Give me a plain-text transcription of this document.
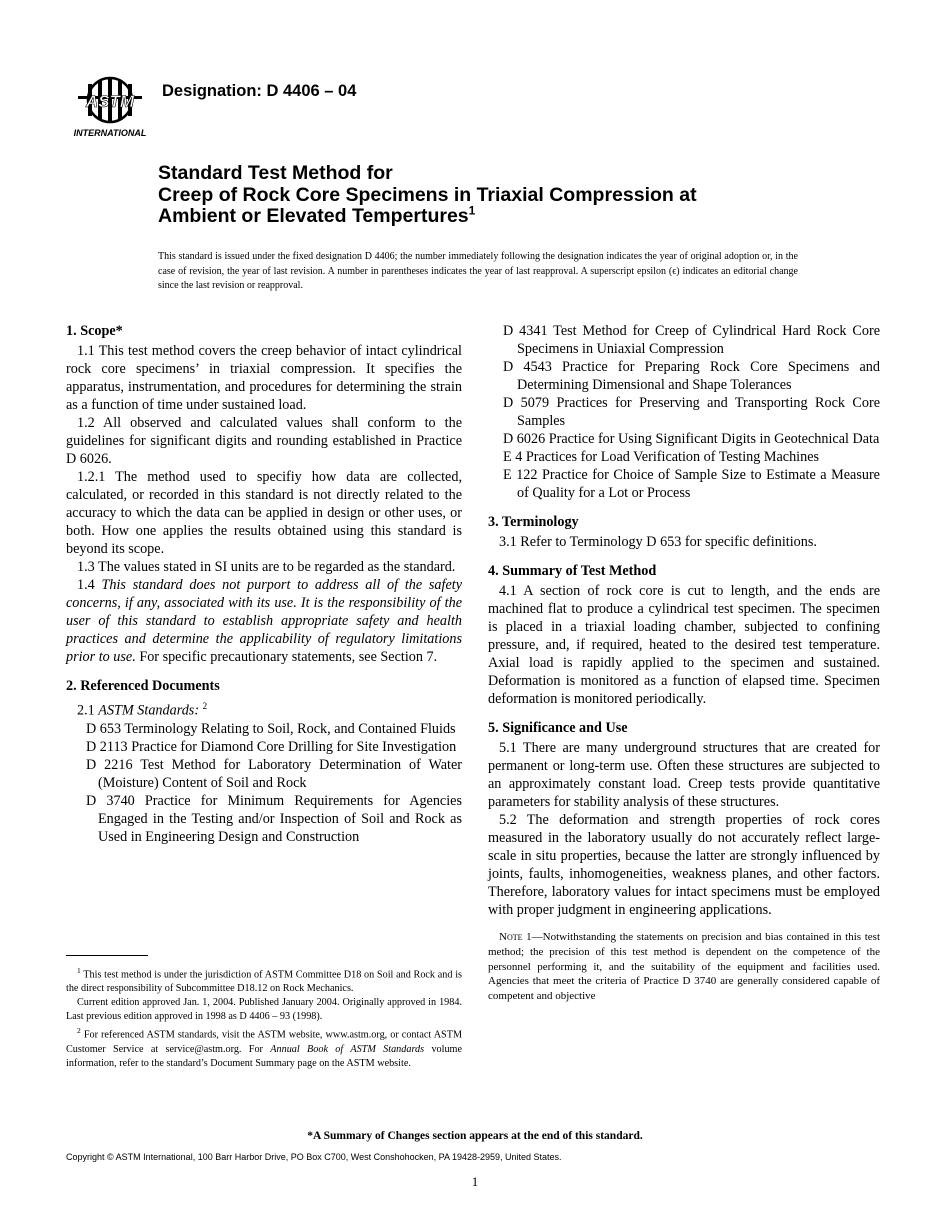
ASTM
INTERNATIONAL
Designation: D 4406 – 04
Standard Test Method for
Creep of Rock Core Specimens in Triaxial Compression at
Ambient or Elevated Tempertures$^1$
This standard is issued under the fixed designation D 4406; the number immediately following the designation indicates the year of original adoption or, in the case of revision, the year of last revision. A number in parentheses indicates the year of last reapproval. A superscript epsilon (ϵ) indicates an editorial change since the last revision or reapproval.

1. Scope*

1.1 This test method covers the creep behavior of intact cylindrical rock core specimens’ in triaxial compression. It specifies the apparatus, instrumentation, and procedures for determining the strain as a function of time under sustained load.

1.2 All observed and calculated values shall conform to the guidelines for significant digits and rounding established in Practice D 6026.

1.2.1 The method used to specifiy how data are collected, calculated, or recorded in this standard is not directly related to the accuracy to which the data can be applied in design or other uses, or both. How one applies the results obtained using this standard is beyond its scope.

1.3 The values stated in SI units are to be regarded as the standard.

1.4 This standard does not purport to address all of the safety concerns, if any, associated with its use. It is the responsibility of the user of this standard to establish appropriate safety and health practices and determine the applicability of regulatory limitations prior to use. For specific precautionary statements, see Section 7.

2. Referenced Documents

2.1 ASTM Standards: $^2$

D 653 Terminology Relating to Soil, Rock, and Contained Fluids

D 2113 Practice for Diamond Core Drilling for Site Investigation

D 2216 Test Method for Laboratory Determination of Water (Moisture) Content of Soil and Rock

D 3740 Practice for Minimum Requirements for Agencies Engaged in the Testing and/or Inspection of Soil and Rock as Used in Engineering Design and Construction

$^1$ This test method is under the jurisdiction of ASTM Committee D18 on Soil and Rock and is the direct responsibility of Subcommittee D18.12 on Rock Mechanics.

Current edition approved Jan. 1, 2004. Published January 2004. Originally approved in 1984. Last previous edition approved in 1998 as D 4406 – 93 (1998).

$^2$ For referenced ASTM standards, visit the ASTM website, www.astm.org, or contact ASTM Customer Service at service@astm.org. For Annual Book of ASTM Standards volume information, refer to the standard’s Document Summary page on the ASTM website.

D 4341 Test Method for Creep of Cylindrical Hard Rock Core Specimens in Uniaxial Compression

D 4543 Practice for Preparing Rock Core Specimens and Determining Dimensional and Shape Tolerances

D 5079 Practices for Preserving and Transporting Rock Core Samples

D 6026 Practice for Using Significant Digits in Geotechnical Data

E 4 Practices for Load Verification of Testing Machines

E 122 Practice for Choice of Sample Size to Estimate a Measure of Quality for a Lot or Process

3. Terminology

3.1 Refer to Terminology D 653 for specific definitions.

4. Summary of Test Method

4.1 A section of rock core is cut to length, and the ends are machined flat to produce a cylindrical test specimen. The specimen is placed in a triaxial loading chamber, subjected to confining pressure, and, if required, heated to the desired test temperature. Axial load is rapidly applied to the specimen and sustained. Deformation is monitored as a function of elapsed time. Specimen deformation is monitored periodically.

5. Significance and Use

5.1 There are many underground structures that are created for permanent or long-term use. Often these structures are subjected to an approximately constant load. Creep tests provide quantitative parameters for stability analysis of these structures.

5.2 The deformation and strength properties of rock cores measured in the laboratory usually do not accurately reflect large-scale in situ properties, because the latter are strongly influenced by joints, faults, inhomogeneities, weakness planes, and other factors. Therefore, laboratory values for intact specimens must be employed with proper judgment in engineering applications.

Note 1—Notwithstanding the statements on precision and bias contained in this test method; the precision of this test method is dependent on the competence of the personnel performing it, and the suitability of the equipment and facilities used. Agencies that meet the criteria of Practice D 3740 are generally considered capable of competent and objective

*A Summary of Changes section appears at the end of this standard.
Copyright © ASTM International, 100 Barr Harbor Drive, PO Box C700, West Conshohocken, PA 19428-2959, United States.
1
